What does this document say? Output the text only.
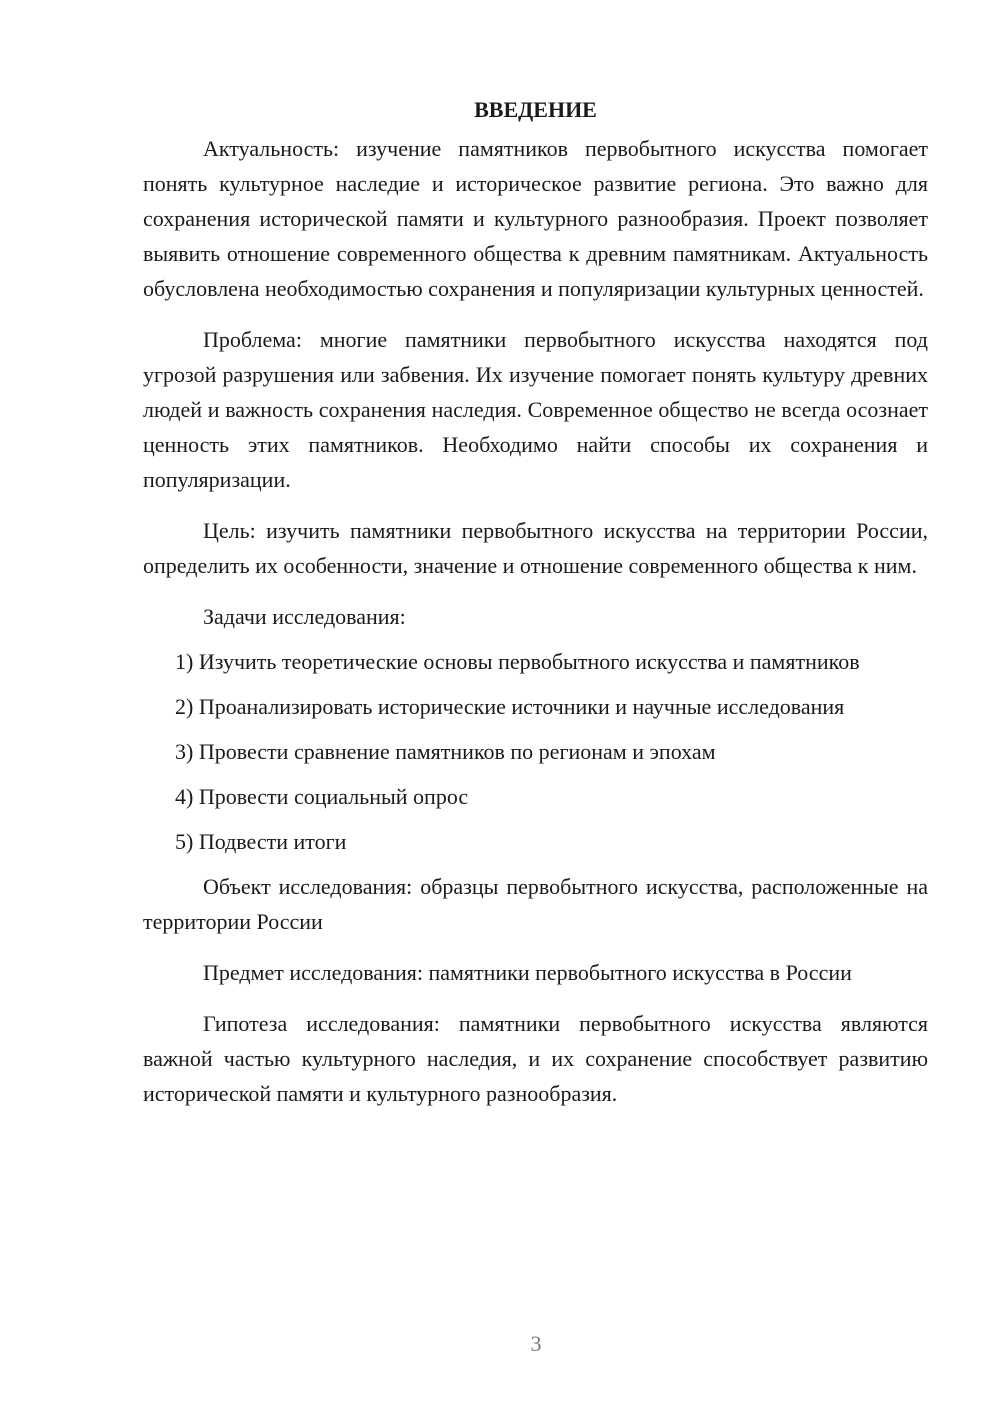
ВВЕДЕНИЕ

Актуальность: изучение памятников первобытного искусства помогает понять культурное наследие и историческое развитие региона. Это важно для сохранения исторической памяти и культурного разнообразия. Проект позволяет выявить отношение современного общества к древним памятникам. Актуальность обусловлена необходимостью сохранения и популяризации культурных ценностей.

Проблема: многие памятники первобытного искусства находятся под угрозой разрушения или забвения. Их изучение помогает понять культуру древних людей и важность сохранения наследия. Современное общество не всегда осознает ценность этих памятников. Необходимо найти способы их сохранения и популяризации.

Цель: изучить памятники первобытного искусства на территории России, определить их особенности, значение и отношение современного общества к ним.

Задачи исследования:

1) Изучить теоретические основы первобытного искусства и памятников

2) Проанализировать исторические источники и научные исследования

3) Провести сравнение памятников по регионам и эпохам

4) Провести социальный опрос

5) Подвести итоги

Объект исследования: образцы первобытного искусства, расположенные на территории России

Предмет исследования: памятники первобытного искусства в России

Гипотеза исследования: памятники первобытного искусства являются важной частью культурного наследия, и их сохранение способствует развитию исторической памяти и культурного разнообразия.

3
